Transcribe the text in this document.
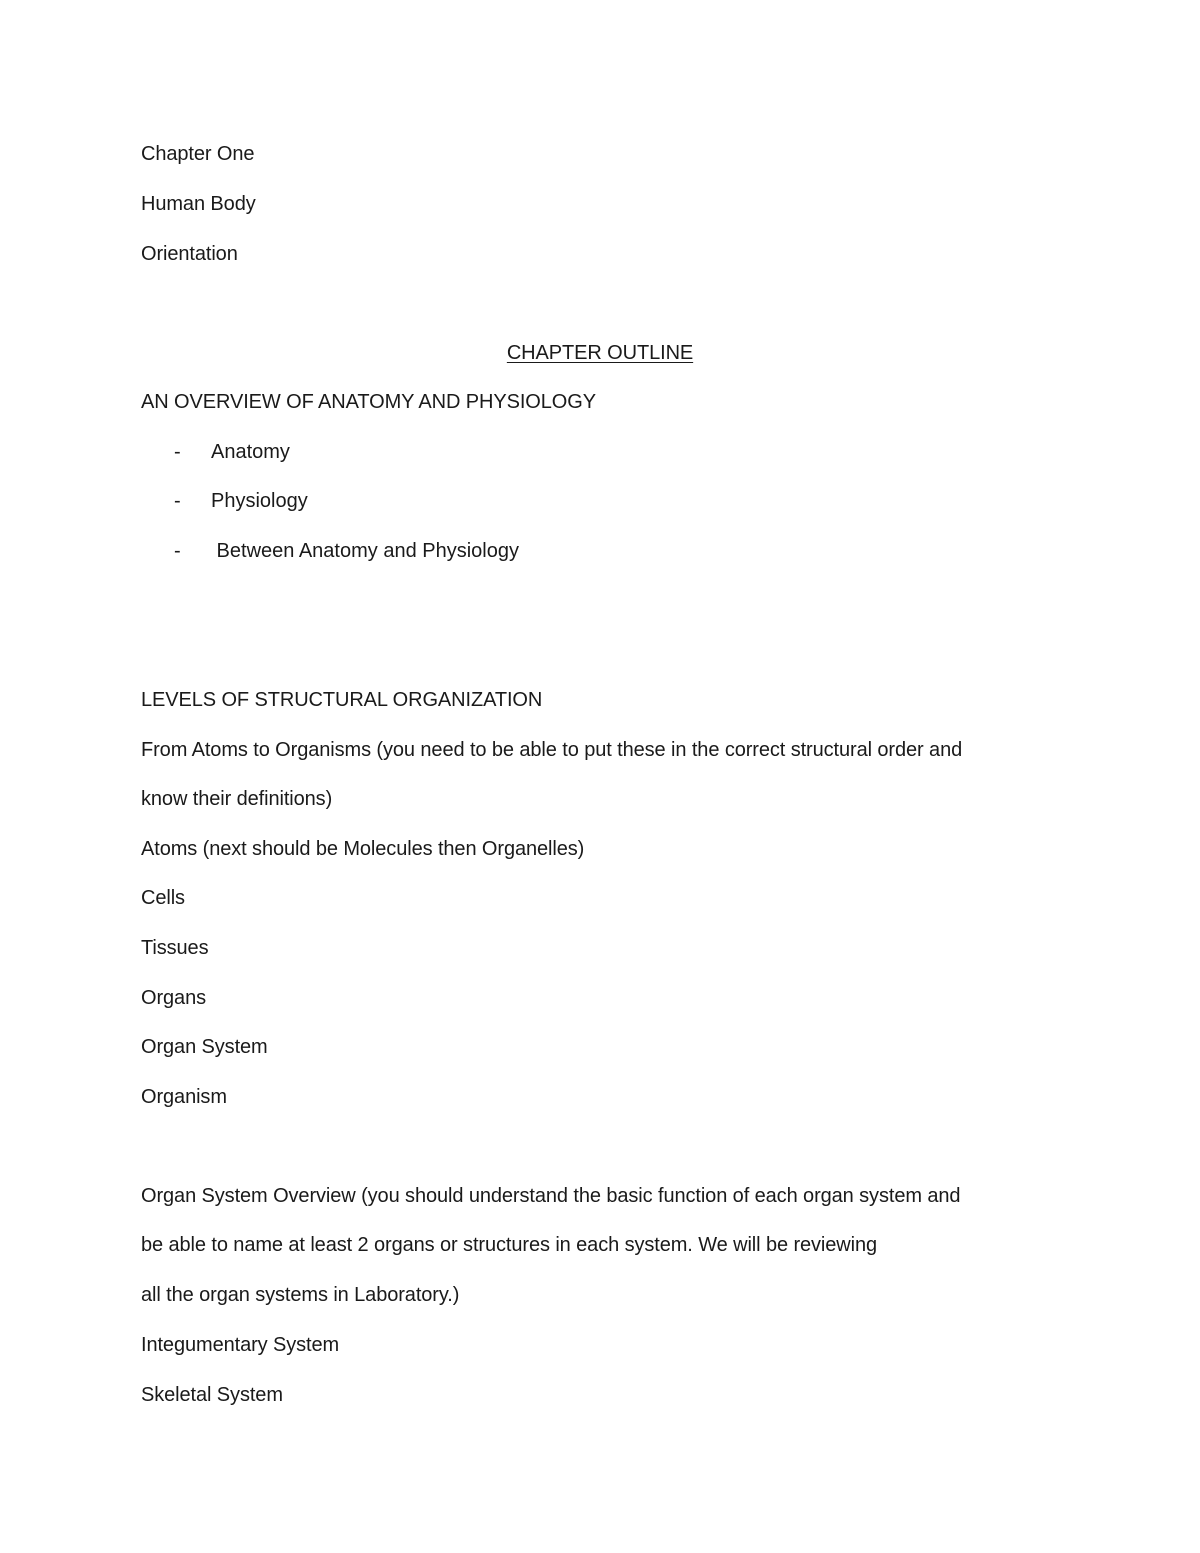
Chapter One
Human Body
Orientation
CHAPTER OUTLINE
AN OVERVIEW OF ANATOMY AND PHYSIOLOGY
- Anatomy
- Physiology
- Between Anatomy and Physiology
LEVELS OF STRUCTURAL ORGANIZATION
From Atoms to Organisms (you need to be able to put these in the correct structural order and
know their definitions)
Atoms (next should be Molecules then Organelles)
Cells
Tissues
Organs
Organ System
Organism
Organ System Overview (you should understand the basic function of each organ system and
be able to name at least 2 organs or structures in each system. We will be reviewing
all the organ systems in Laboratory.)
Integumentary System
Skeletal System
